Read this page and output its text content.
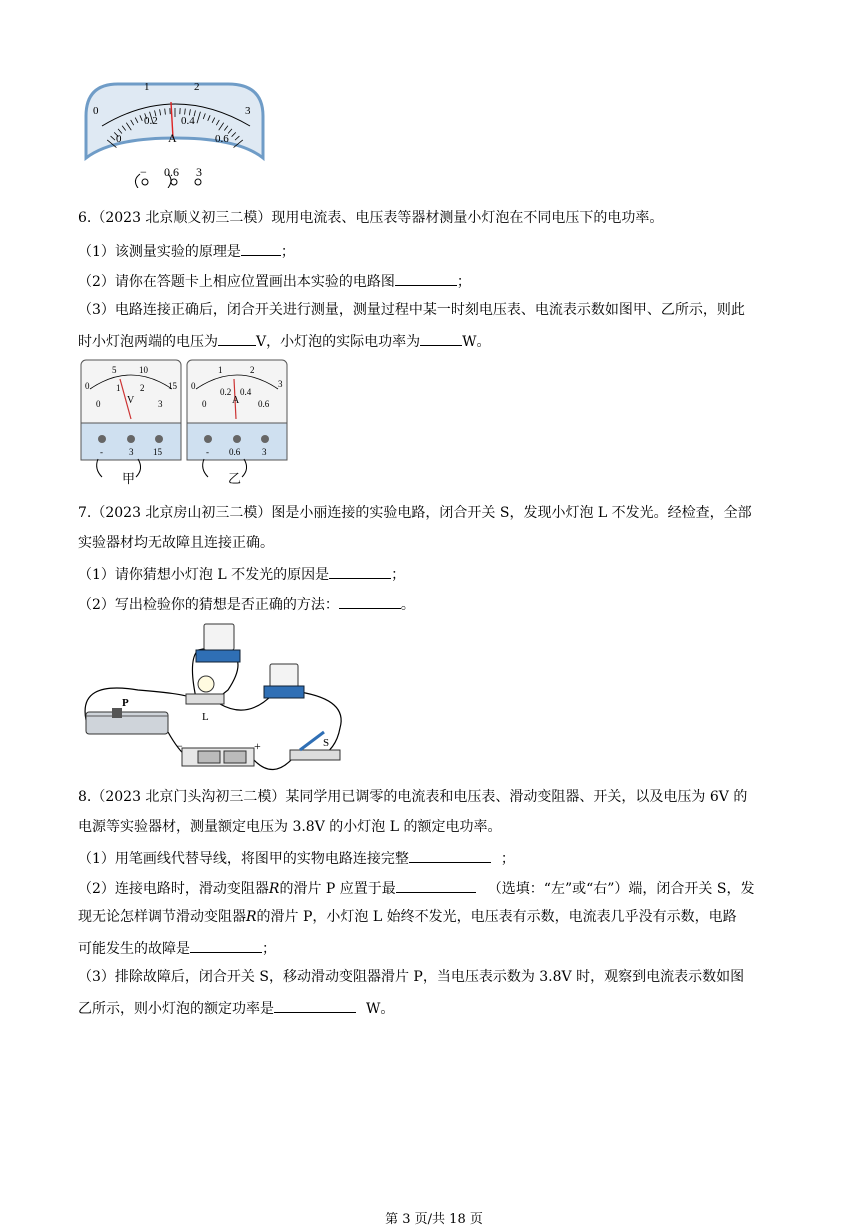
0
1	2
3
0
0.2 0.4
0.6
A
− 0.6 3
6.（2023 北京顺义初三二模）现用电流表、电压表等器材测量小灯泡在不同电压下的电功率。
（1）该测量实验的原理是	；
（2）请你在答题卡上相应位置画出本实验的电路图	；
（3）电路连接正确后，闭合开关进行测量，测量过程中某一时刻电压表、电流表示数如图甲、乙所示，则此
时小灯泡两端的电压为	V，小灯泡的实际电功率为	W。
0
5	10
15
0
1 2
3
V
-	3 15
甲
0
1	2
3
0
0.2 0.4
0.6
A
- 0.6 3
乙
7.（2023 北京房山初三二模）图是小丽连接的实验电路，闭合开关 S，发现小灯泡 L 不发光。经检查，全部
实验器材均无故障且连接正确。
（1）请你猜想小灯泡 L 不发光的原因是	；
（2）写出检验你的猜想是否正确的方法：	。
L
P
−	+	S
8.（2023 北京门头沟初三二模）某同学用已调零的电流表和电压表、滑动变阻器、开关，以及电压为 6V 的
电源等实验器材，测量额定电压为 3.8V 的小灯泡 L 的额定电功率。
（1）用笔画线代替导线，将图甲的实物电路连接完整	；
（2）连接电路时，滑动变阻器R的滑片 P 应置于最	（选填：“左”或“右”）端，闭合开关 S，发
现无论怎样调节滑动变阻器R的滑片 P，小灯泡 L 始终不发光，电压表有示数，电流表几乎没有示数，电路
可能发生的故障是	；
（3）排除故障后，闭合开关 S，移动滑动变阻器滑片 P，当电压表示数为 3.8V 时，观察到电流表示数如图
乙所示，则小灯泡的额定功率是	W。
第 3 页/共 18 页
